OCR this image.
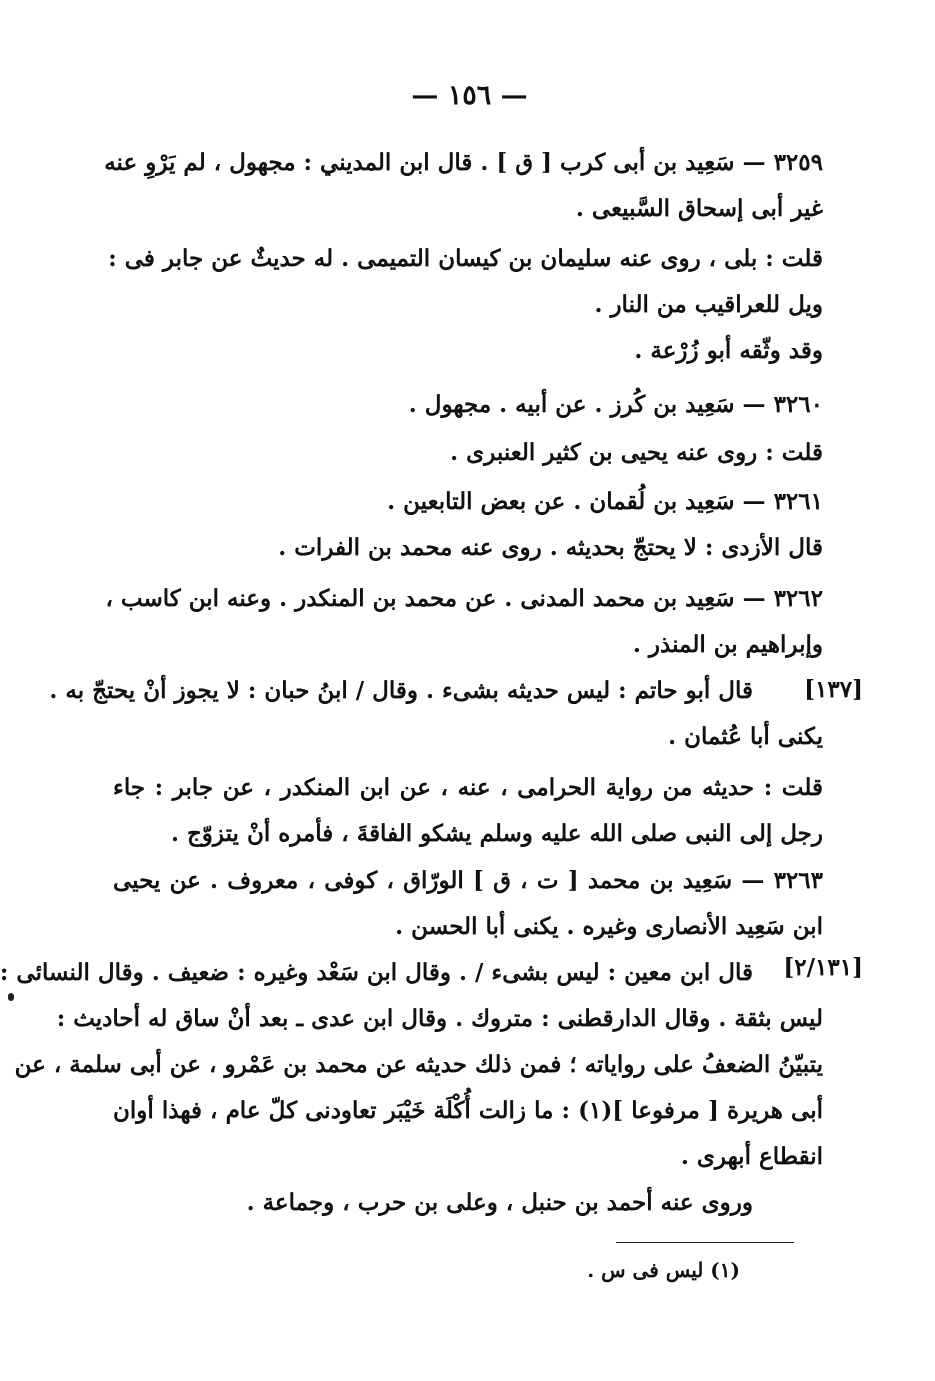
— ١٥٦ —
٣٢٥٩ — سَعِيد بن أبى كرب [ ق ] . قال ابن المديني : مجهول ، لم يَرْوِ عنه
غير أبى إسحاق السَّبيعى .
قلت : بلى ، روى عنه سليمان بن كيسان التميمى . له حديثٌ عن جابر فى :
ويل للعراقيب من النار .
وقد وثّقه أبو زُرْعة .
٣٢٦٠ — سَعِيد بن كُرز . عن أبيه . مجهول .
قلت : روى عنه يحيى بن كثير العنبرى .
٣٢٦١ — سَعِيد بن لُقمان . عن بعض التابعين .
قال الأزدى : لا يحتجّ بحديثه . روى عنه محمد بن الفرات .
٣٢٦٢ — سَعِيد بن محمد المدنى . عن محمد بن المنكدر . وعنه ابن كاسب ،
وإبراهيم بن المنذر .
قال أبو حاتم : ليس حديثه بشىء . وقال / ابنُ حبان : لا يجوز أنْ يحتجّ به .
يكنى أبا عُثمان .
[١٣٧]
قلت : حديثه من رواية الحرامى ، عنه ، عن ابن المنكدر ، عن جابر : جاء
رجل إلى النبى صلى الله عليه وسلم يشكو الفاقةَ ، فأمره أنْ يتزوّج .
٣٢٦٣ — سَعِيد بن محمد [ ت ، ق ] الورّاق ، كوفى ، معروف . عن يحيى
ابن سَعِيد الأنصارى وغيره . يكنى أبا الحسن .
قال ابن معين : ليس بشىء / . وقال ابن سَعْد وغيره : ضعيف . وقال النسائى :
ليس بثقة . وقال الدارقطنى : متروك . وقال ابن عدى ـ بعد أنْ ساق له أحاديث :
يتبيّنُ الضعفُ على رواياته ؛ فمن ذلك حديثه عن محمد بن عَمْرو ، عن أبى سلمة ، عن
أبى هريرة [ مرفوعا ](١) : ما زالت أُكْلَة خَيْبَر تعاودنى كلّ عام ، فهذا أوان
انقطاع أبهرى .
وروى عنه أحمد بن حنبل ، وعلى بن حرب ، وجماعة .
[٢/١٣١]
(١) ليس فى س .
